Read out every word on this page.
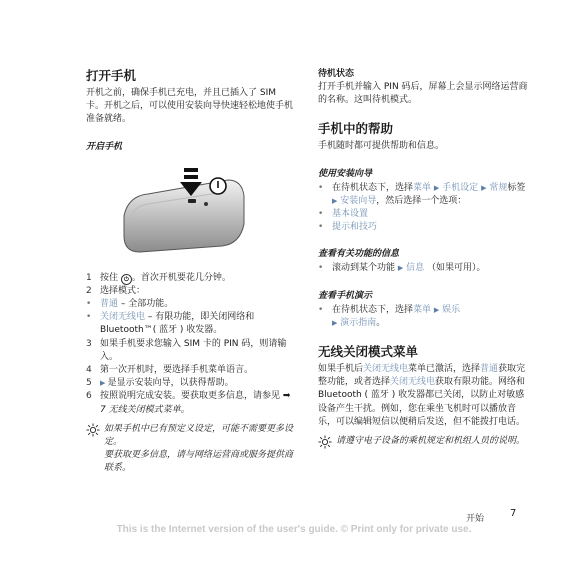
打开手机

开机之前，确保手机已充电，并且已插入了 SIM 卡。开机之后，可以使用安装向导快速轻松地使手机准备就绪。

开启手机
1 按住 ⏻ 。首次开机要花几分钟。
2 选择模式：
• 普通 – 全部功能。
• 关闭无线电 – 有限功能，即关闭网络和 Bluetooth™( 蓝牙 ) 收发器。
3 如果手机要求您输入 SIM 卡的 PIN 码，则请输入。
4 第一次开机时，要选择手机菜单语言。
5	▶ 是显示安装向导，以获得帮助。
6 按照说明完成安装。要获取更多信息，请参见 ➡ 7 无线关闭模式菜单。

如果手机中已有预定义设定，可能不需要更多设定。

要获取更多信息，请与网络运营商或服务提供商联系。

待机状态

打开手机并输入 PIN 码后，屏幕上会显示网络运营商的名称。这叫待机模式。

手机中的帮助

手机随时都可提供帮助和信息。

使用安装向导
• 在待机状态下，选择菜单 ▶ 手机设定 ▶ 常规标签 ▶ 安装向导，然后选择一个选项：
• 基本设置
• 提示和技巧
查看有关功能的信息
• 滚动到某个功能 ▶ 信息 （如果可用）。
查看手机演示
• 在待机状态下，选择菜单 ▶ 娱乐
▶ 演示指南。
无线关闭模式菜单

如果手机后关闭无线电菜单已激活，选择普通获取完整功能，或者选择关闭无线电获取有限功能。网络和 Bluetooth ( 蓝牙 ) 收发器都已关闭，以防止对敏感设备产生干扰。例如，您在乘坐飞机时可以播放音乐，可以编辑短信以便稍后发送，但不能拨打电话。

请遵守电子设备的乘机规定和机组人员的说明。

开始	7
This is the Internet version of the user's guide. © Print only for private use.
